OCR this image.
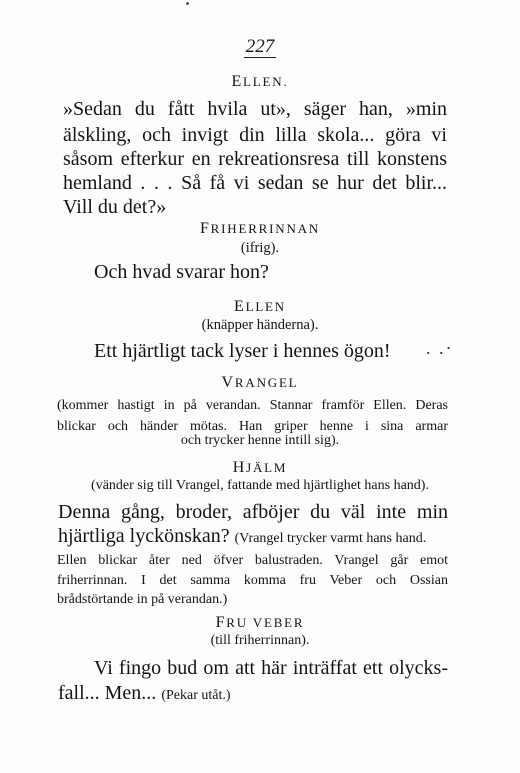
227
ELLEN.
»Sedan du fått hvila ut», säger han, »min
älskling, och invigt din lilla skola... göra vi
såsom efterkur en rekreationsresa till konstens
hemland . . . Så få vi sedan se hur det blir...
Vill du det?»
FRIHERRINNAN
(ifrig).
Och hvad svarar hon?
ELLEN
(knäpper händerna).
Ett hjärtligt tack lyser i hennes ögon! . .·
VRANGEL
(kommer hastigt in på verandan. Stannar framför Ellen. Deras
blickar och händer mötas. Han griper henne i sina armar
och trycker henne intill sig).
HJÄLM
(vänder sig till Vrangel, fattande med hjärtlighet hans hand).
Denna gång, broder, afböjer du väl inte min
hjärtliga lyckönskan? (Vrangel trycker varmt hans hand.
Ellen blickar åter ned öfver balustraden. Vrangel går emot
friherrinnan. I det samma komma fru Veber och Ossian
brådstörtande in på verandan.)
FRU VEBER
(till friherrinnan).
Vi fingo bud om att här inträffat ett olycks-
fall... Men... (Pekar utåt.)
